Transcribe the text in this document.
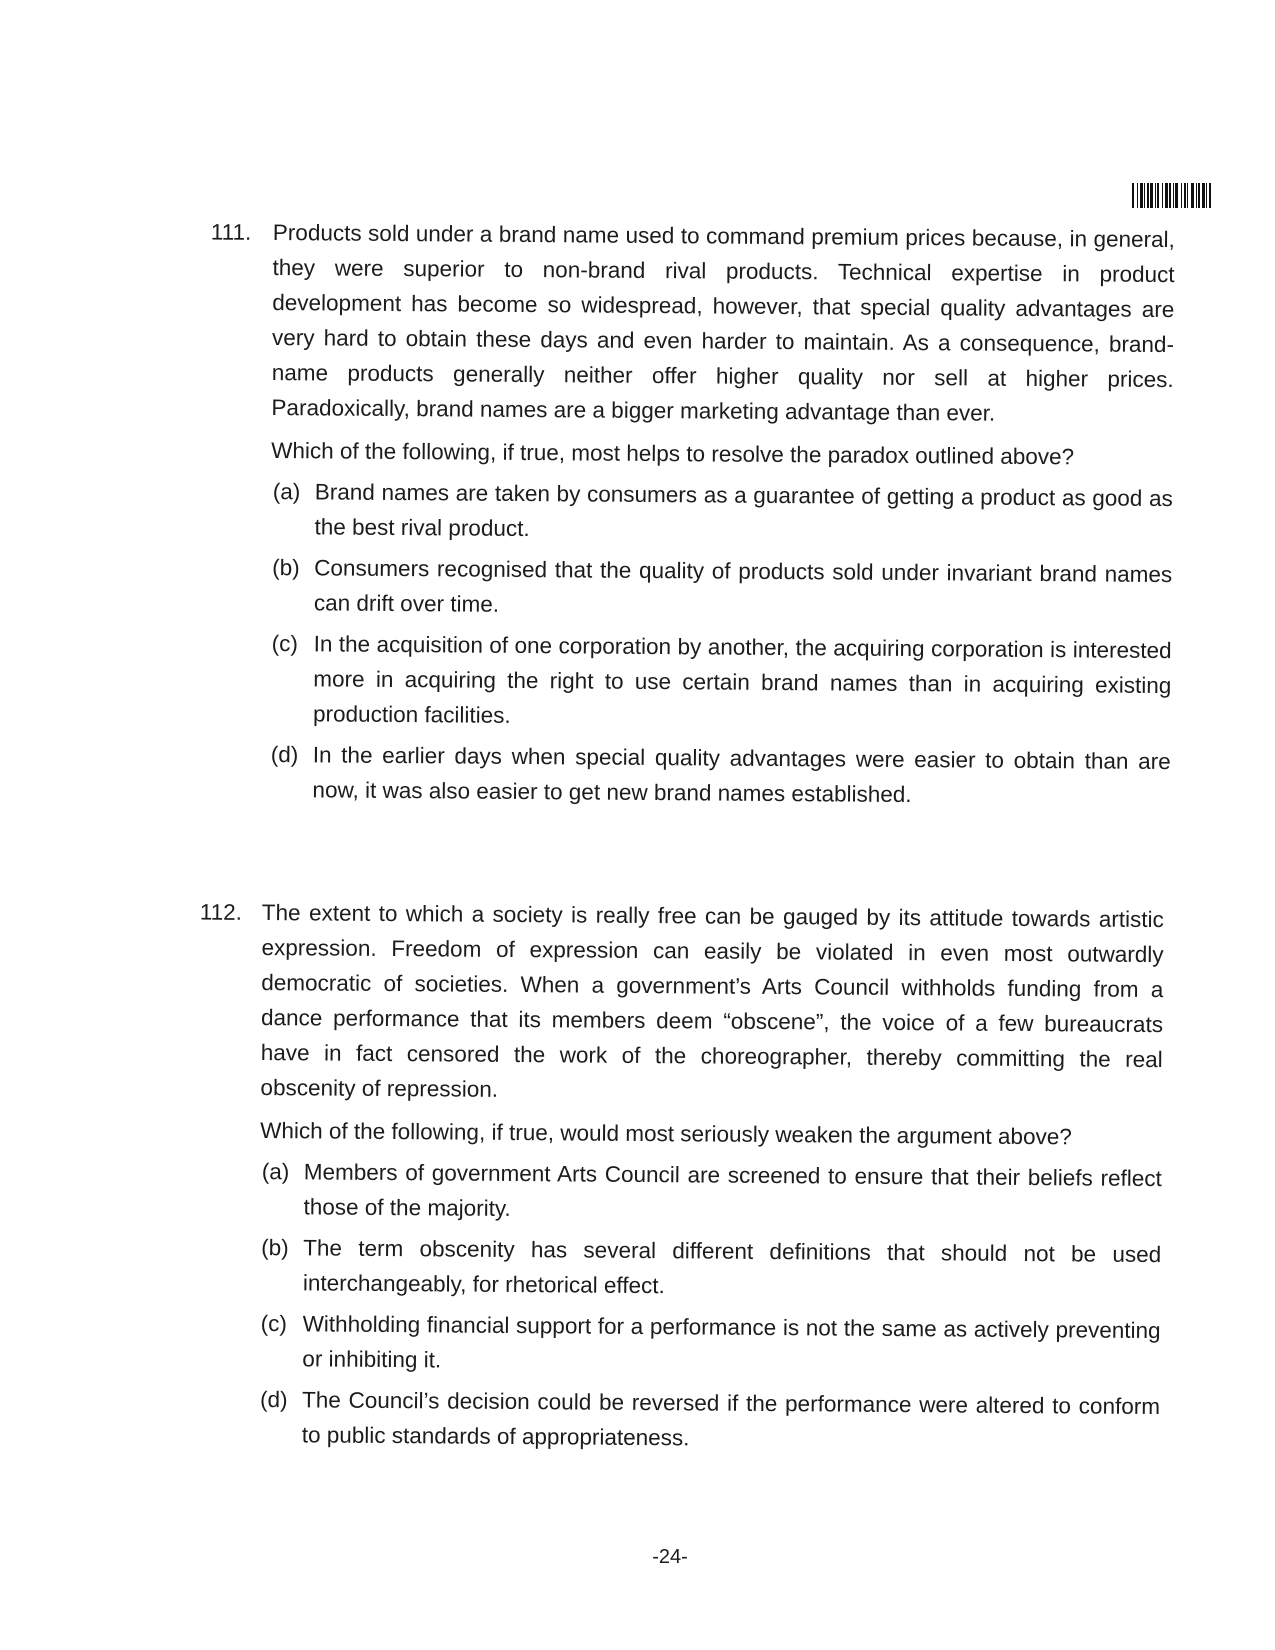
111. Products sold under a brand name used to command premium prices because, in general, they were superior to non-brand rival products. Technical expertise in product development has become so widespread, however, that special quality advantages are very hard to obtain these days and even harder to maintain. As a consequence, brand-name products generally neither offer higher quality nor sell at higher prices. Paradoxically, brand names are a bigger marketing advantage than ever.

Which of the following, if true, most helps to resolve the paradox outlined above?

(a) Brand names are taken by consumers as a guarantee of getting a product as good as the best rival product.
(b) Consumers recognised that the quality of products sold under invariant brand names can drift over time.
(c) In the acquisition of one corporation by another, the acquiring corporation is interested more in acquiring the right to use certain brand names than in acquiring existing production facilities.
(d) In the earlier days when special quality advantages were easier to obtain than are now, it was also easier to get new brand names established.
112. The extent to which a society is really free can be gauged by its attitude towards artistic expression. Freedom of expression can easily be violated in even most outwardly democratic of societies. When a government’s Arts Council withholds funding from a dance performance that its members deem “obscene”, the voice of a few bureaucrats have in fact censored the work of the choreographer, thereby committing the real obscenity of repression.

Which of the following, if true, would most seriously weaken the argument above?

(a) Members of government Arts Council are screened to ensure that their beliefs reflect those of the majority.
(b) The term obscenity has several different definitions that should not be used interchangeably, for rhetorical effect.
(c) Withholding financial support for a performance is not the same as actively preventing or inhibiting it.
(d) The Council’s decision could be reversed if the performance were altered to conform to public standards of appropriateness.
-24-
